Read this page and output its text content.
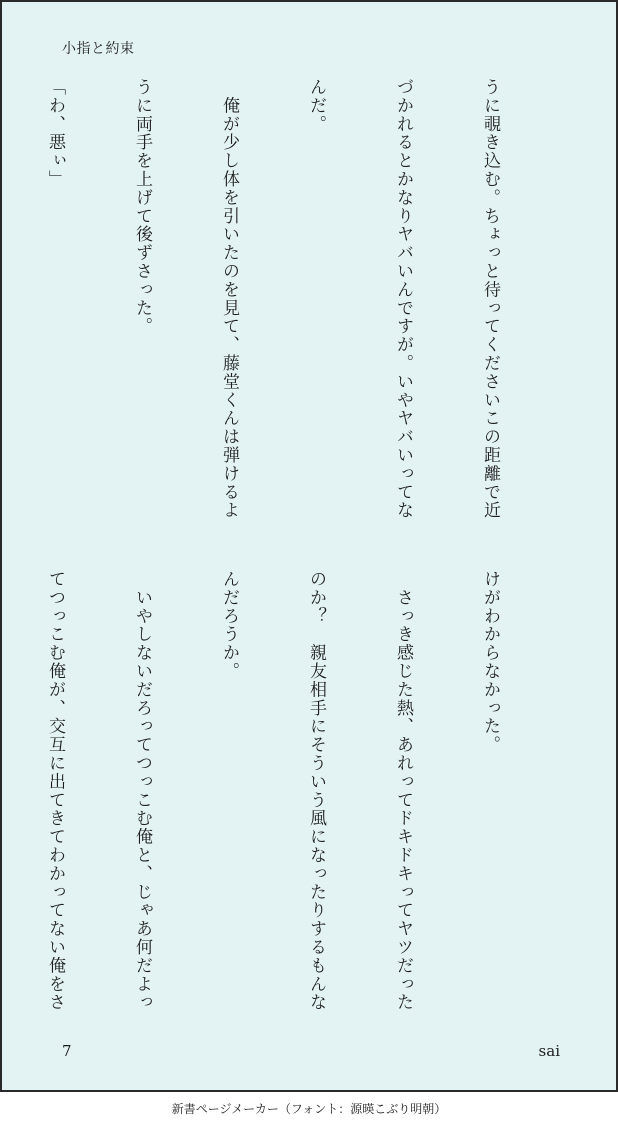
小指と約束

うに覗き込む。ちょっと待ってくださいこの距離で近

づかれるとかなりヤバいんですが。いやヤバいってな

んだ。

　俺が少し体を引いたのを見て、藤堂くんは弾けるよ

うに両手を上げて後ずさった。

「わ、悪ぃ」

けがわからなかった。

　さっき感じた熱、あれってドキドキってヤツだった

のか？　親友相手にそういう風になったりするもんな

んだろうか。

　いやしないだろってつっこむ俺と、じゃあ何だよっ

てつっこむ俺が、交互に出てきてわかってない俺をさ

7	sai
新書ページメーカー（フォント：源暎こぶり明朝）
